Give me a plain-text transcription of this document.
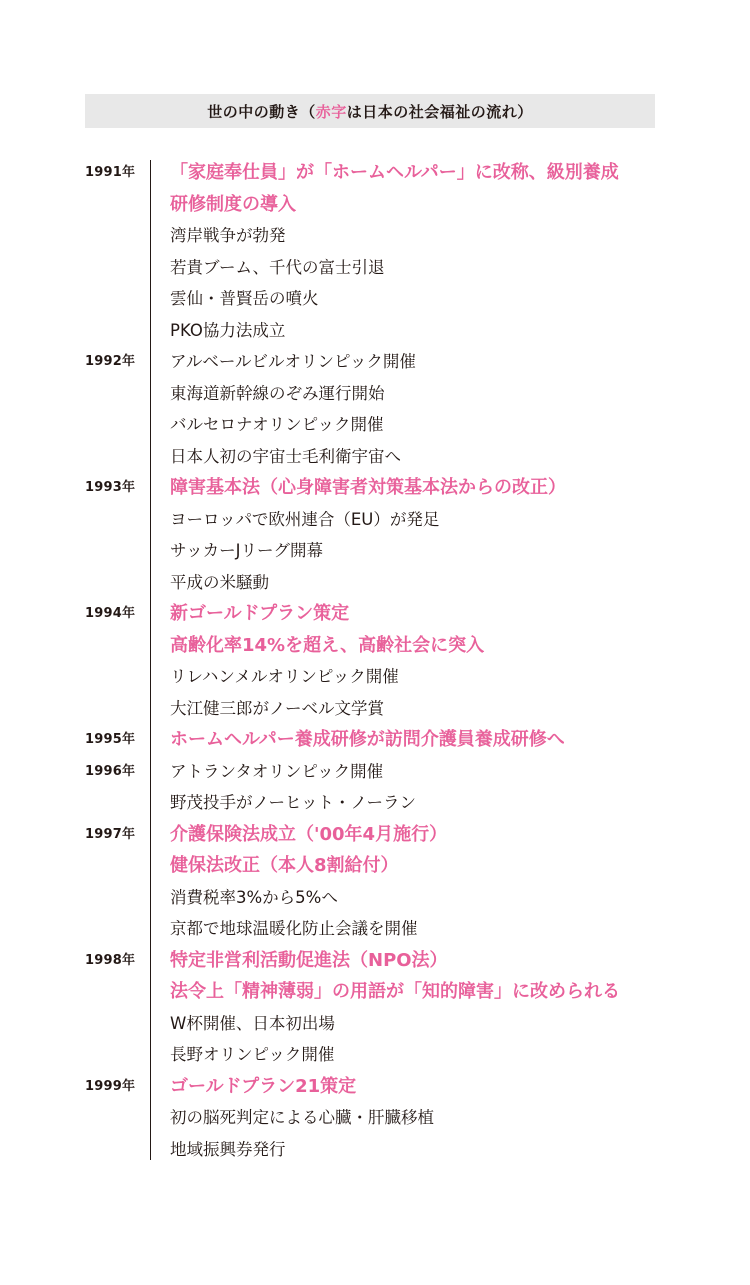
世の中の動き（ 赤字 は日本の社会福祉の流れ）
1991年 「家庭奉仕員」が「ホームヘルパー」に改称、級別養成
研修制度の導入
湾岸戦争が勃発
若貴ブーム、千代の富士引退
雲仙・普賢岳の噴火
PKO協力法成立
1992年 アルベールビルオリンピック開催
東海道新幹線のぞみ運行開始
バルセロナオリンピック開催
日本人初の宇宙士毛利衛宇宙へ
1993年 障害基本法（心身障害者対策基本法からの改正）
ヨーロッパで欧州連合（EU）が発足
サッカーJリーグ開幕
平成の米騒動
1994年 新ゴールドプラン策定
高齢化率14%を超え、高齢社会に突入
リレハンメルオリンピック開催
大江健三郎がノーベル文学賞
1995年 ホームヘルパー養成研修が訪問介護員養成研修へ
1996年 アトランタオリンピック開催
野茂投手がノーヒット・ノーラン
1997年 介護保険法成立（'00年4月施行）
健保法改正（本人8割給付）
消費税率3%から5%へ
京都で地球温暖化防止会議を開催
1998年 特定非営利活動促進法（NPO法）
法令上「精神薄弱」の用語が「知的障害」に改められる
W杯開催、日本初出場
長野オリンピック開催
1999年 ゴールドプラン21策定
初の脳死判定による心臓・肝臓移植
地域振興券発行
